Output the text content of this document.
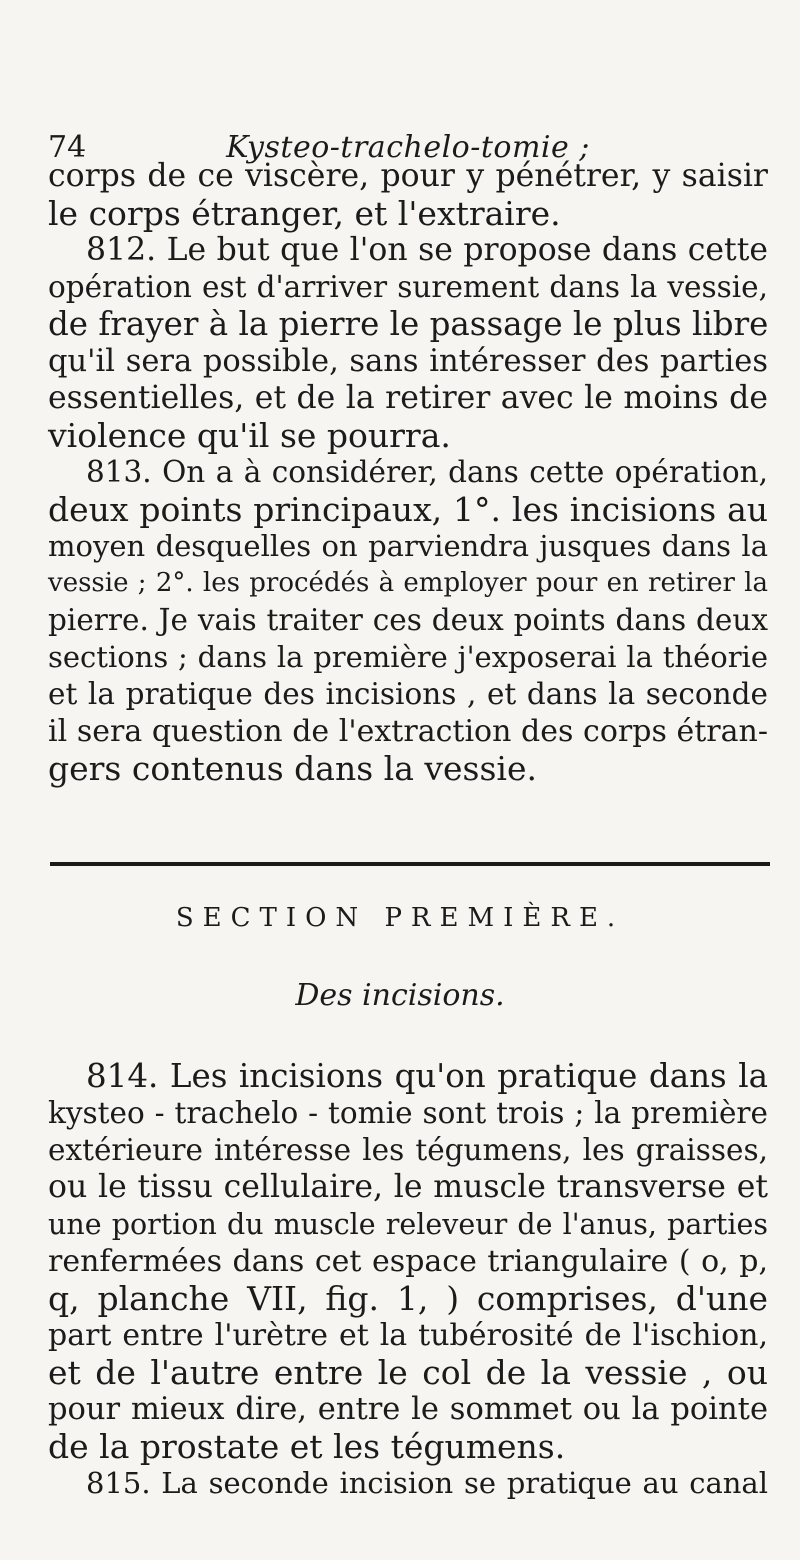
74	Kysteo-trachelo-tomie ;
corps de ce viscère, pour y pénétrer, y saisir
le corps étranger, et l'extraire.
812. Le but que l'on se propose dans cette
opération est d'arriver surement dans la vessie,
de frayer à la pierre le passage le plus libre
qu'il sera possible, sans intéresser des parties
essentielles, et de la retirer avec le moins de
violence qu'il se pourra.
813. On a à considérer, dans cette opération,
deux points principaux, 1°. les incisions au
moyen desquelles on parviendra jusques dans la
vessie ; 2°. les procédés à employer pour en retirer la
pierre. Je vais traiter ces deux points dans deux
sections ; dans la première j'exposerai la théorie
et la pratique des incisions , et dans la seconde
il sera question de l'extraction des corps étran-
gers contenus dans la vessie.
SECTION PREMIÈRE.
Des incisions.
814. Les incisions qu'on pratique dans la
kysteo - trachelo - tomie sont trois ; la première
extérieure intéresse les tégumens, les graisses,
ou le tissu cellulaire, le muscle transverse et
une portion du muscle releveur de l'anus, parties
renfermées dans cet espace triangulaire ( o, p,
q, planche VII, fig. 1, ) comprises, d'une
part entre l'urètre et la tubérosité de l'ischion,
et de l'autre entre le col de la vessie , ou
pour mieux dire, entre le sommet ou la pointe
de la prostate et les tégumens.
815. La seconde incision se pratique au canal
